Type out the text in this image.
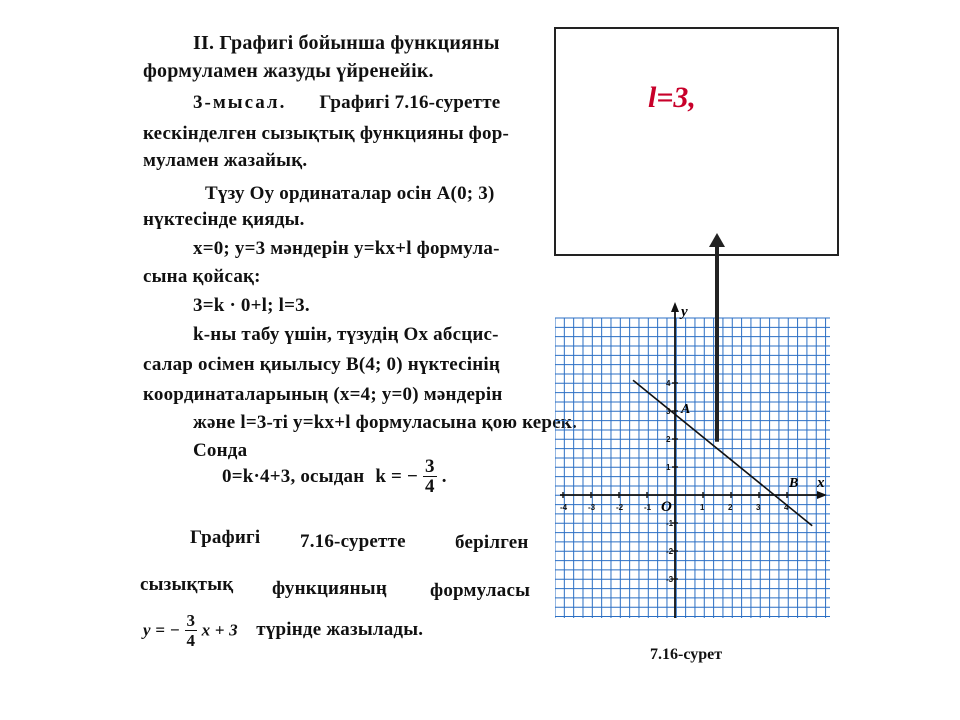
II. Графигі бойынша функцияны
формуламен жазуды үйренейік.
3-мысал. Графигі 7.16-суретте
кескінделген сызықтық функцияны фор-
муламен жазайық.
Түзу Oy ординаталар осін A(0; 3)
нүктесінде қияды.
x=0; y=3 мәндерін y=kx+l формула-
сына қойсақ:
3=k · 0+l; l=3.
k-ны табу үшін, түзудің Ox абсцис-
салар осімен қиылысу B(4; 0) нүктесінің
координаталарының (x=4; y=0) мәндерін
және l=3-ті y=kx+l формуласына қою керек.
Сонда
0=k·4+3, осыдан k = − $\frac{3}{4}$ .
Графигі 7.16-суретте	берілген
сызықтық функцияның формуласы
y = − $\frac{3}{4}$ x + 3 түрінде жазылады.
l=3,
-4	-3	-2	-1	1	2	3	4
4
3
2
1
-1
-2
-3
x
y
O
A
B
7.16-сурет
